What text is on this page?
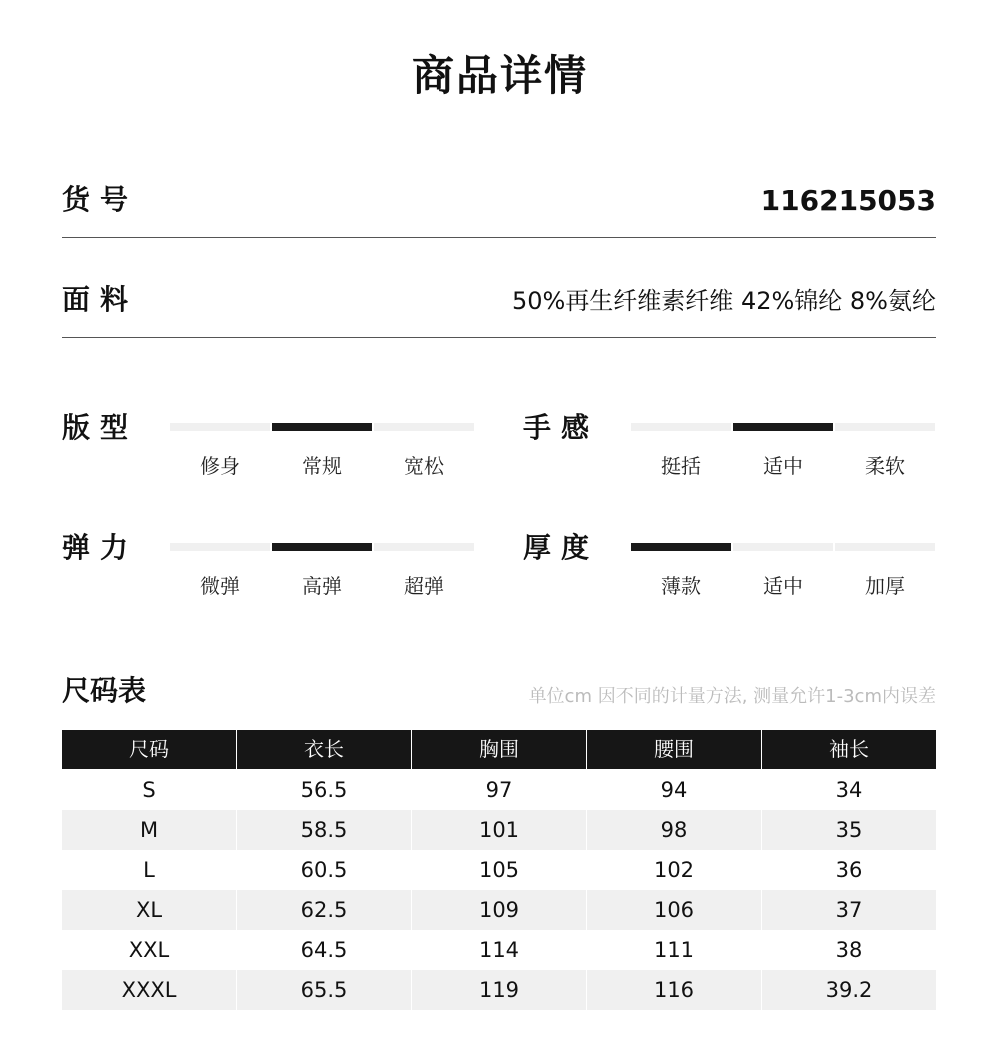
商品详情
货号	116215053
面料	50%再生纤维素纤维 42%锦纶 8%氨纶
版型
修身	常规	宽松
手感
挺括	适中	柔软
弹力
微弹	高弹	超弹
厚度
薄款	适中	加厚
尺码表	单位cm 因不同的计量方法, 测量允许1-3cm内误差
尺码	衣长	胸围	腰围	袖长
S	56.5	97	94	34
M	58.5	101	98	35
L	60.5	105	102	36
XL	62.5	109	106	37
XXL	64.5	114	111	38
XXXL	65.5	119	116	39.2
